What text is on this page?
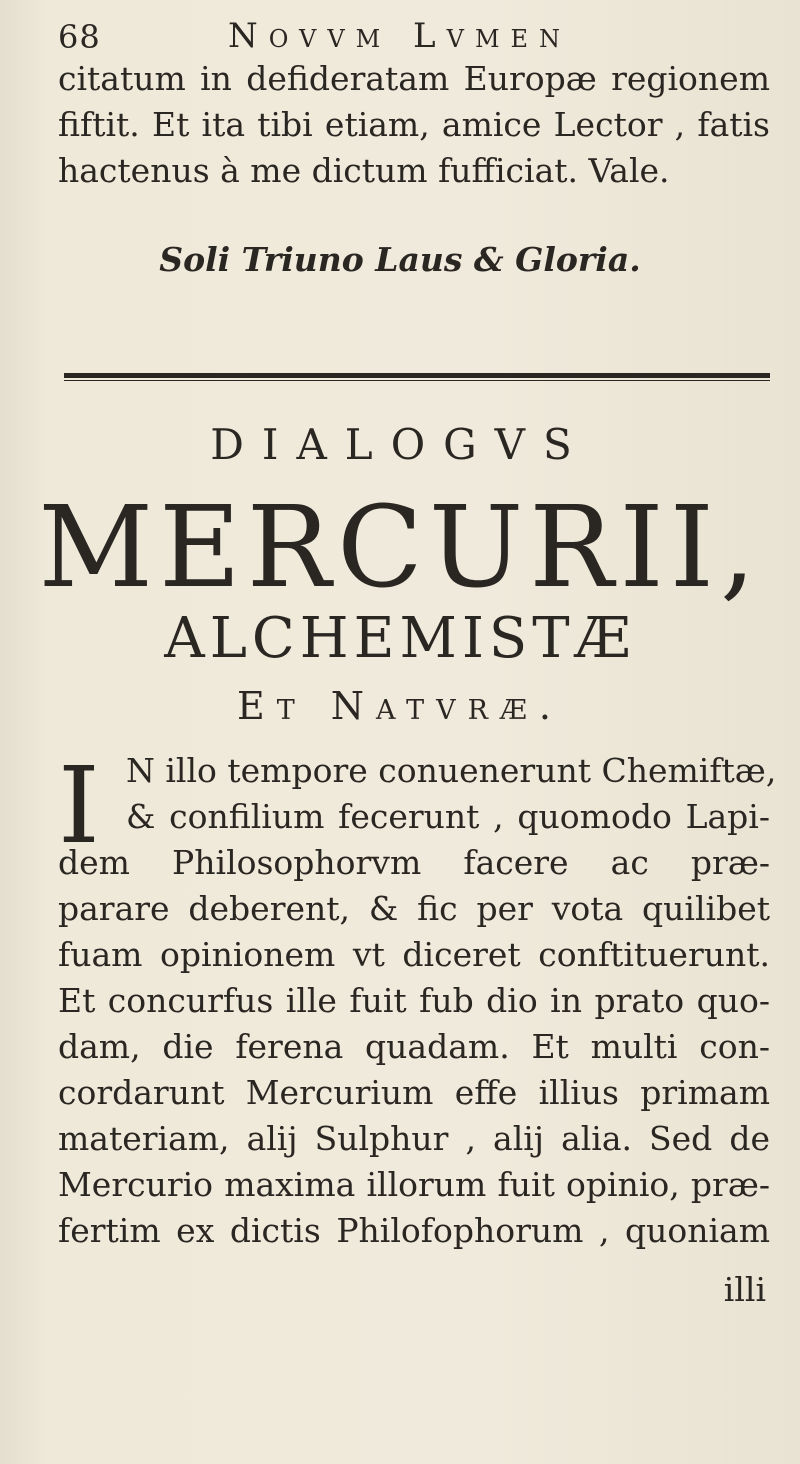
68	Novvm Lvmen
citatum in defideratam Europæ regionem
fiftit. Et ita tibi etiam, amice Lector , fatis
hactenus à me dictum fufficiat. Vale.
Soli Triuno Laus & Gloria.
DIALOGVS
MERCURII,
ALCHEMISTÆ
Et Natvræ.
I N illo tempore conuenerunt Chemiftæ,
& confilium fecerunt , quomodo Lapi-
dem Philosophorvm facere ac præ-
parare deberent, & fic per vota quilibet
fuam opinionem vt diceret conftituerunt.
Et concurfus ille fuit fub dio in prato quo-
dam, die ferena quadam. Et multi con-
cordarunt Mercurium effe illius primam
materiam, alij Sulphur , alij alia. Sed de
Mercurio maxima illorum fuit opinio, præ-
fertim ex dictis Philofophorum , quoniam
illi
